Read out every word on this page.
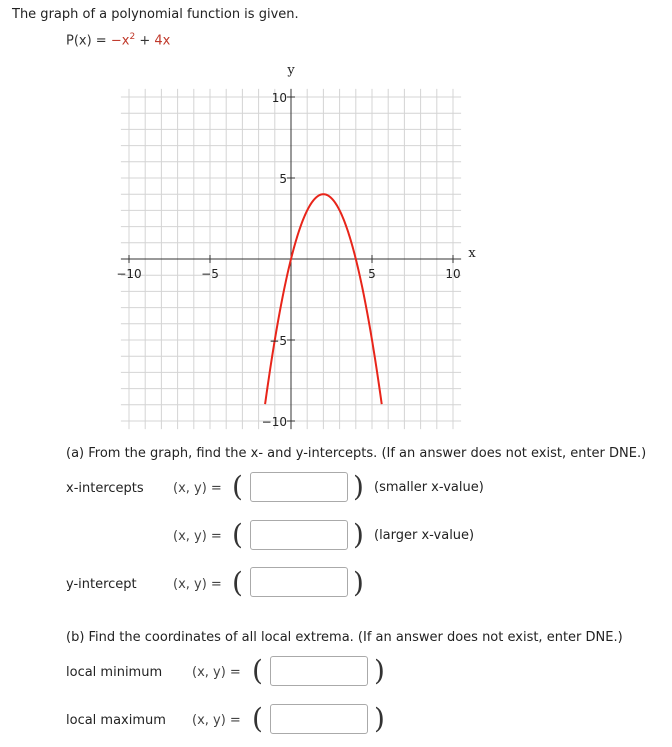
The graph of a polynomial function is given.
$P(x) = -x^2 + 4x$
−10	−5	5	10
10
5
−5
−10
x
y
(a) From the graph, find the x- and y-intercepts. (If an answer does not exist, enter DNE.)
x-intercepts (x, y) = (	) (smaller x-value)
(x, y) = (	) (larger x-value)
y-intercept	(x, y) = (	)
(b) Find the coordinates of all local extrema. (If an answer does not exist, enter DNE.)
local minimum (x, y) = (	)
local maximum (x, y) = (	)
